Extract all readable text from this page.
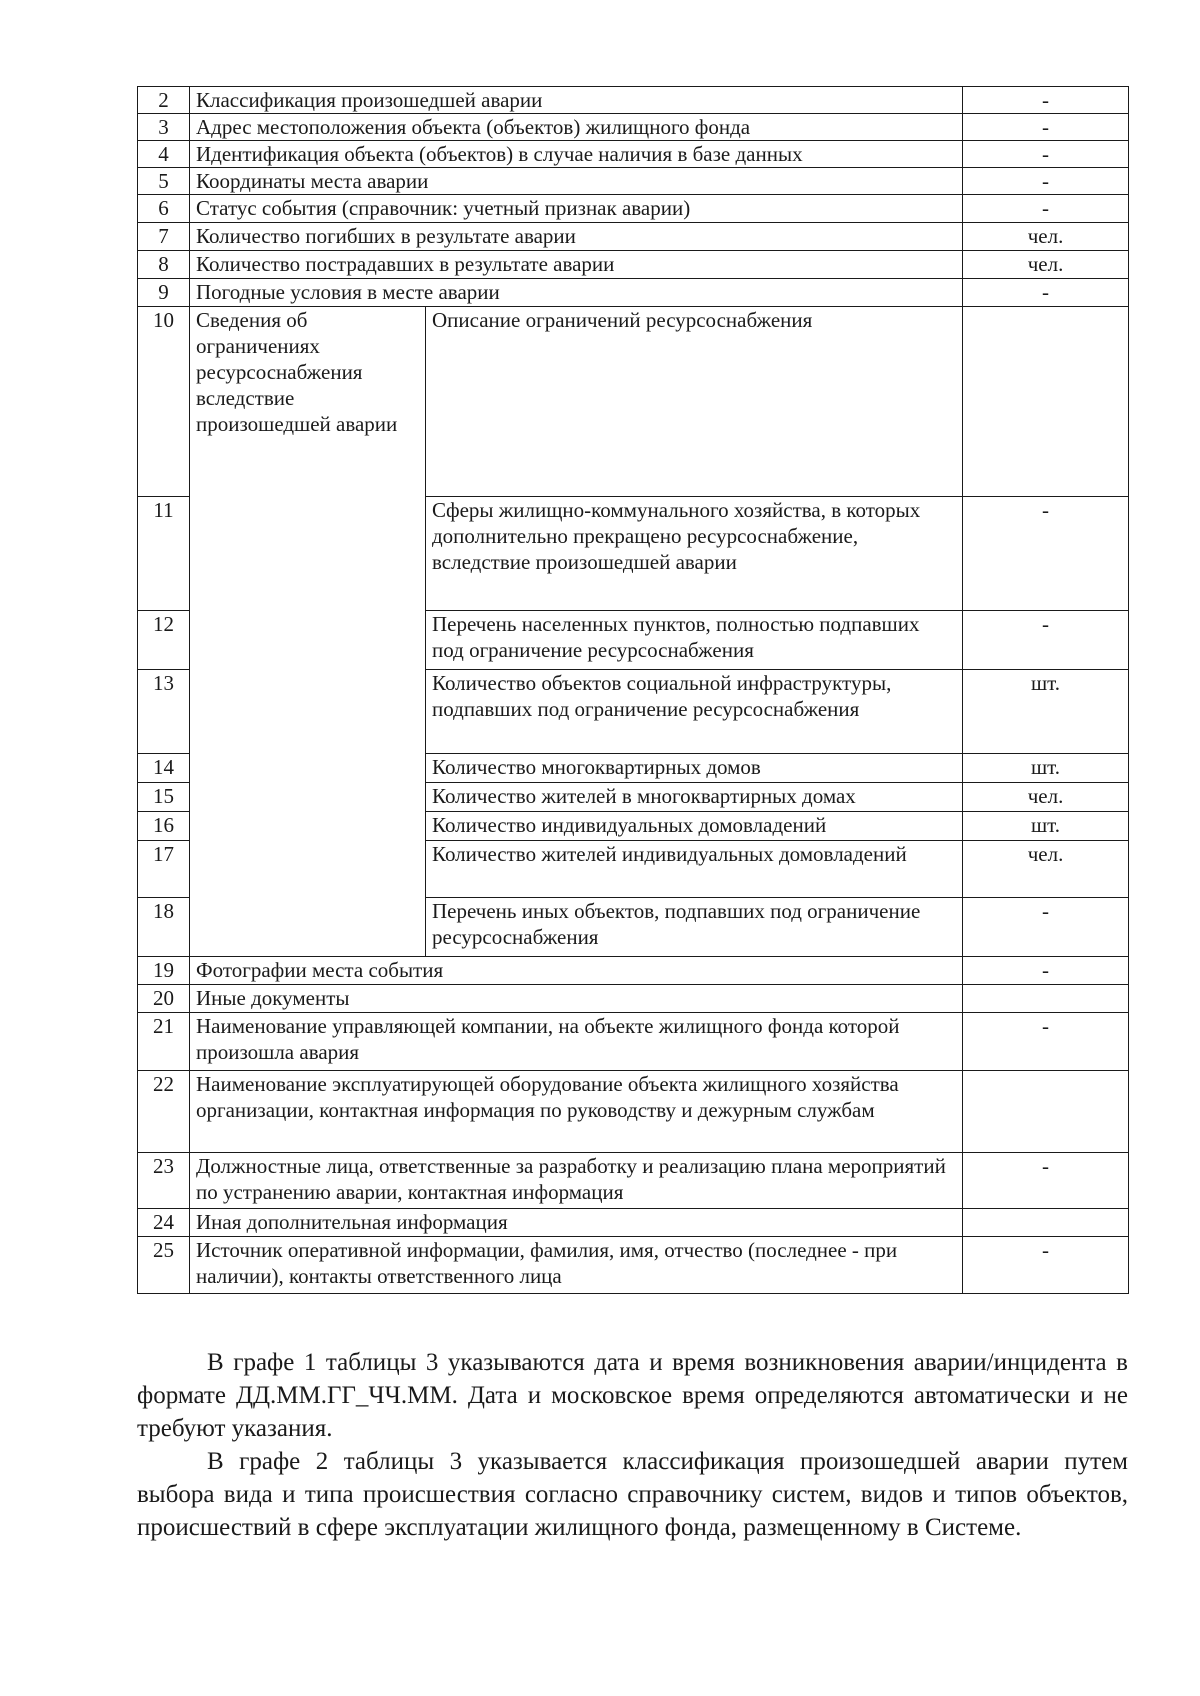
2	Классификация произошедшей аварии		-
3	Адрес местоположения объекта (объектов) жилищного фонда		-
4	Идентификация объекта (объектов) в случае наличия в базе данных		-
5	Координаты места аварии		-
6	Статус события (справочник: учетный признак аварии)		-
7	Количество погибших в результате аварии		чел.
8	Количество пострадавших в результате аварии		чел.
9	Погодные условия в месте аварии		-
10	Сведения об ограничениях ресурсоснабжения вследствие произошедшей аварии	Описание ограничений ресурсоснабжения	
11		Сферы жилищно-коммунального хозяйства, в которых дополнительно прекращено ресурсоснабжение, вследствие произошедшей аварии	-
12		Перечень населенных пунктов, полностью подпавших под ограничение ресурсоснабжения	-
13		Количество объектов социальной инфраструктуры, подпавших под ограничение ресурсоснабжения	шт.
14		Количество многоквартирных домов	шт.
15		Количество жителей в многоквартирных домах	чел.
16		Количество индивидуальных домовладений	шт.
17		Количество жителей индивидуальных домовладений	чел.
18		Перечень иных объектов, подпавших под ограничение ресурсоснабжения	-
19	Фотографии места события		-
20	Иные документы		
21	Наименование управляющей компании, на объекте жилищного фонда которой произошла авария		-
22	Наименование эксплуатирующей оборудование объекта жилищного хозяйства организации, контактная информация по руководству и дежурным службам		
23	Должностные лица, ответственные за разработку и реализацию плана мероприятий по устранению аварии, контактная информация		-
24	Иная дополнительная информация		
25	Источник оперативной информации, фамилия, имя, отчество (последнее - при наличии), контакты ответственного лица		-

В графе 1 таблицы 3 указываются дата и время возникновения аварии/инцидента в формате ДД.ММ.ГГ_ЧЧ.ММ. Дата и московское время определяются автоматически и не требуют указания.

В графе 2 таблицы 3 указывается классификация произошедшей аварии путем выбора вида и типа происшествия согласно справочнику систем, видов и типов объектов, происшествий в сфере эксплуатации жилищного фонда, размещенному в Системе.
